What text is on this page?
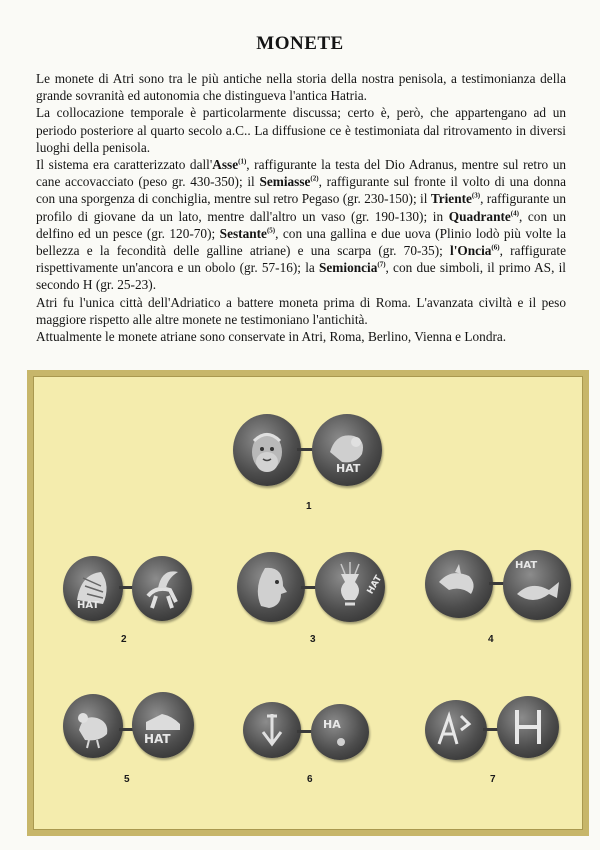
MONETE

Le monete di Atri sono tra le più antiche nella storia della nostra penisola, a testimonianza della grande sovranità ed autonomia che distingueva l'antica Hatria.

La collocazione temporale è particolarmente discussa; certo è, però, che appartengano ad un periodo posteriore al quarto secolo a.C.. La diffusione ce è testimoniata dal ritrovamento in diversi luoghi della penisola.

Il sistema era caratterizzato dall'Asse$^{(1)}$, raffigurante la testa del Dio Adranus, mentre sul retro un cane accovacciato (peso gr. 430-350); il Semiasse$^{(2)}$, raffigurante sul fronte il volto di una donna con una sporgenza di conchiglia, mentre sul retro Pegaso (gr. 230-150); il Triente$^{(3)}$, raffigurante un profilo di giovane da un lato, mentre dall'altro un vaso (gr. 190-130); in Quadrante$^{(4)}$, con un delfino ed un pesce (gr. 120-70); Sestante$^{(5)}$, con una gallina e due uova (Plinio lodò più volte la bellezza e la fecondità delle galline atriane) e una scarpa (gr. 70-35); l'Oncia$^{(6)}$, raffigurate rispettivamente un'ancora e un obolo (gr. 57-16); la Semioncia$^{(7)}$, con due simboli, il primo AS, il secondo H (gr. 25-23).

Atri fu l'unica città dell'Adriatico a battere moneta prima di Roma. L'avanzata civiltà e il peso maggiore rispetto alle altre monete ne testimoniano l'antichità.

Attualmente le monete atriane sono conservate in Atri, Roma, Berlino, Vienna e Londra.

HAT
1
HAT
2
HAT
3
HAT
4
HAT
5
HA
6	7
